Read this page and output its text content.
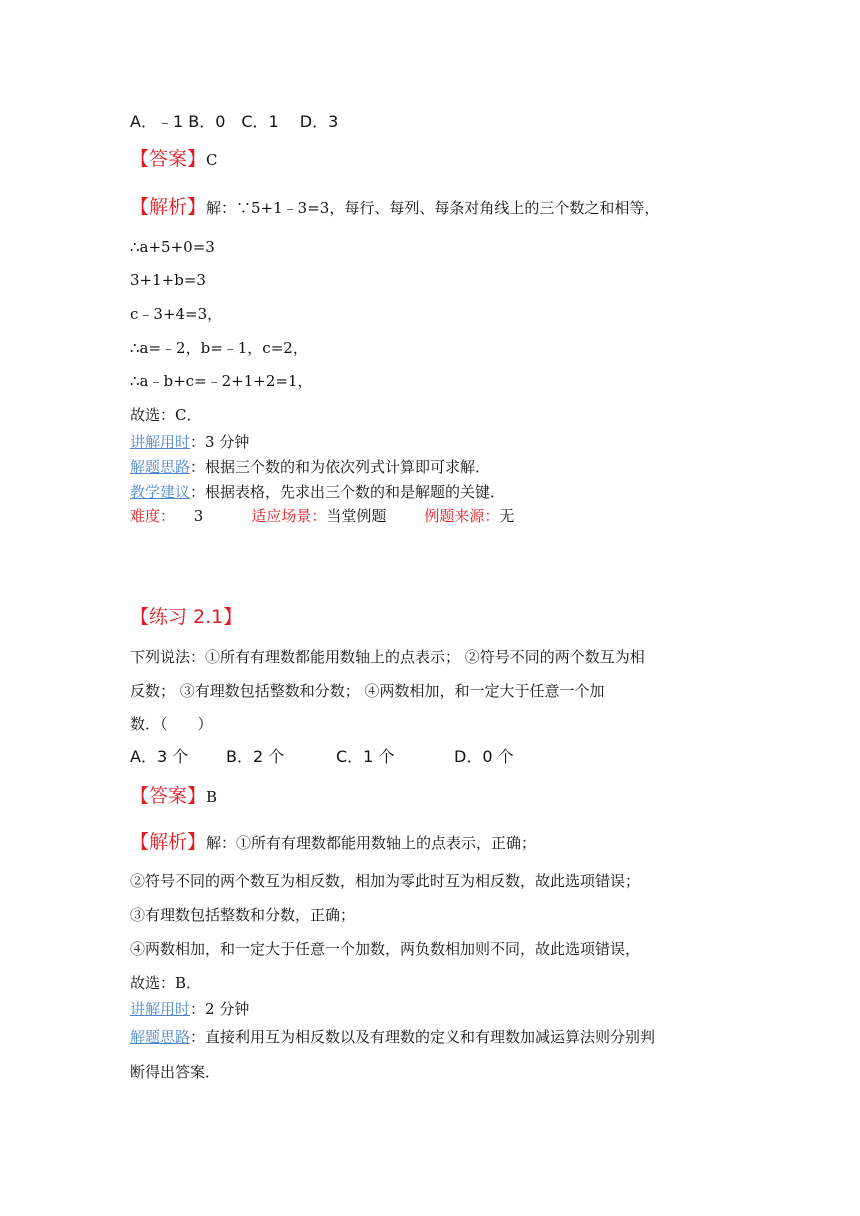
A．﹣1 B．0　C．1　 D．3
【答案】C
【解析】解：∵5+1﹣3=3，每行、每列、每条对角线上的三个数之和相等，
∴a+5+0=3
3+1+b=3
c﹣3+4=3，
∴a=﹣2，b=﹣1，c=2，
∴a﹣b+c=﹣2+1+2=1，
故选：C．
讲解用时：3 分钟
解题思路：根据三个数的和为依次列式计算即可求解．
教学建议：根据表格，先求出三个数的和是解题的关键．
难度： 3	适应场景：当堂例题	例题来源：无
【练习 2.1】
下列说法：①所有有理数都能用数轴上的点表示； ②符号不同的两个数互为相
反数； ③有理数包括整数和分数； ④两数相加，和一定大于任意一个加
数．（　　）
A．3 个 B．2 个	C．1 个	D．0 个
【答案】B
【解析】解：①所有有理数都能用数轴上的点表示，正确；
②符号不同的两个数互为相反数，相加为零此时互为相反数，故此选项错误；
③有理数包括整数和分数，正确；
④两数相加，和一定大于任意一个加数，两负数相加则不同，故此选项错误，
故选：B．
讲解用时：2 分钟
解题思路：直接利用互为相反数以及有理数的定义和有理数加减运算法则分别判
断得出答案．
